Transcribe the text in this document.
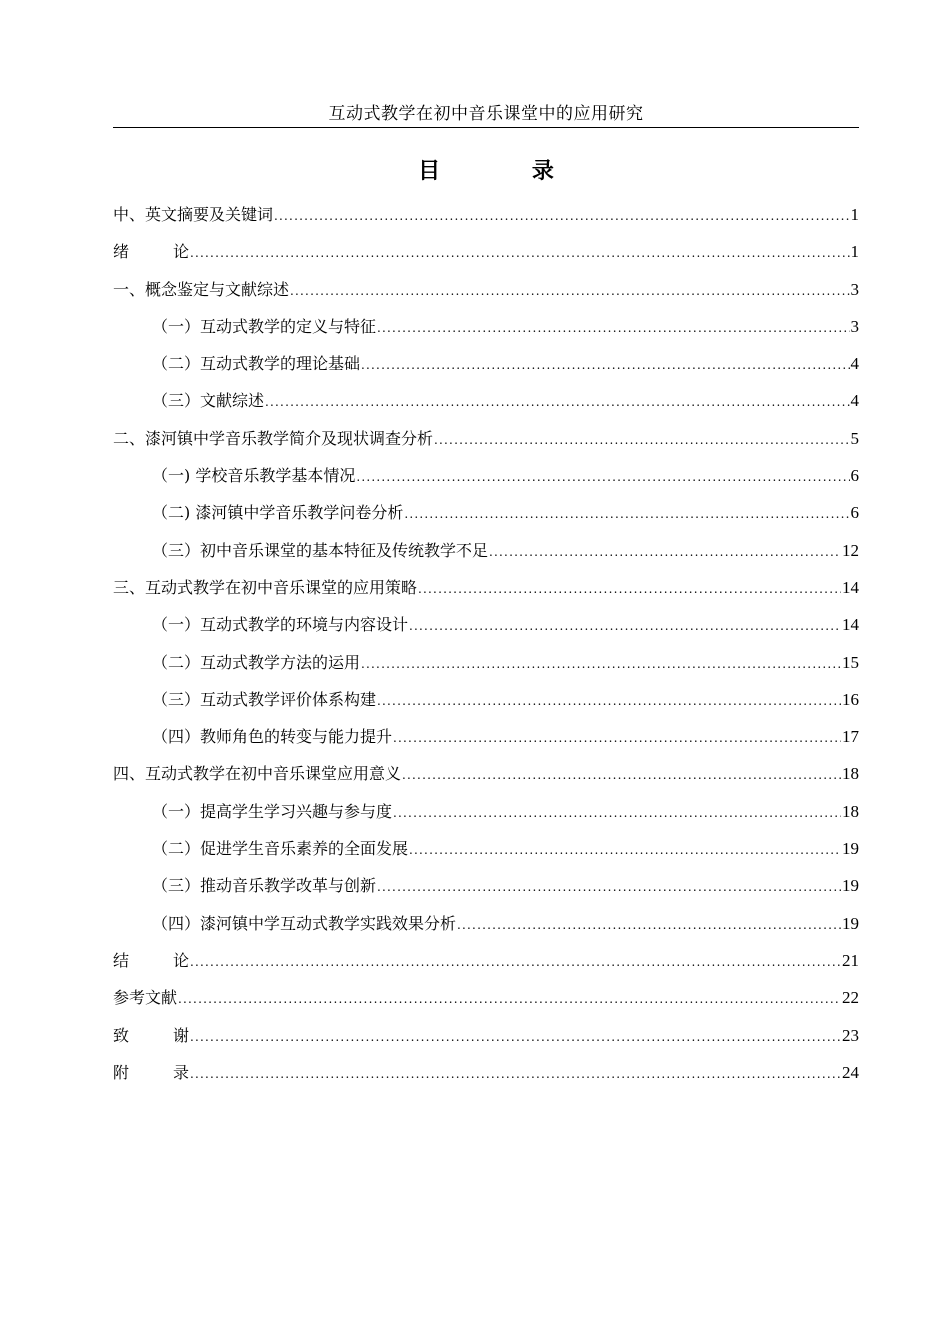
互动式教学在初中音乐课堂中的应用研究
目 录
中、英文摘要及关键词 .....	1
绪 论 .....	1
一、概念鉴定与文献综述 .....	3
（一）互动式教学的定义与特征 .....	3
（二）互动式教学的理论基础 .....	4
（三）文献综述 .....	4
二、漆河镇中学音乐教学简介及现状调查分析 .....	5
（一) 学校音乐教学基本情况 .....	6
（二) 漆河镇中学音乐教学问卷分析 .....	6
（三）初中音乐课堂的基本特征及传统教学不足 .....	12
三、互动式教学在初中音乐课堂的应用策略 .....	14
（一）互动式教学的环境与内容设计 .....	14
（二）互动式教学方法的运用 .....	15
（三）互动式教学评价体系构建 .....	16
（四）教师角色的转变与能力提升 .....	17
四、互动式教学在初中音乐课堂应用意义 .....	18
（一）提高学生学习兴趣与参与度 .....	18
（二）促进学生音乐素养的全面发展 .....	19
（三）推动音乐教学改革与创新 .....	19
（四）漆河镇中学互动式教学实践效果分析 .....	19
结 论 .....	21
参考文献 .....	22
致 谢 .....	23
附 录 .....	24
